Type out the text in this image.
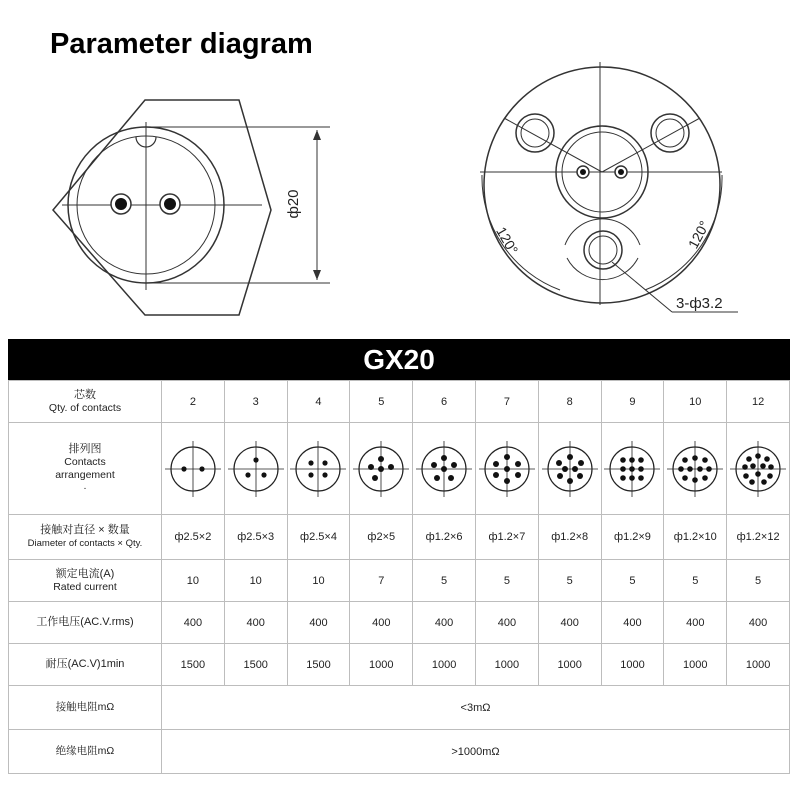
Parameter diagram
ф20
120°	120°
3-ф3.2
GX20
芯数
Qty. of contacts	2	3	4	5	6	7	8	9	10	12

排列图
Contacts
arrangement
·

接触对直径 × 数量
Diameter of contacts × Qty.	ф2.5×2	ф2.5×3	ф2.5×4	ф2×5	ф1.2×6	ф1.2×7	ф1.2×8	ф1.2×9	ф1.2×10	ф1.2×12

额定电流(A)
Rated current	10	10	10	7	5	5	5	5	5	5

工作电压(AC.V.rms)	400	400	400	400	400	400	400	400	400	400

耐压(AC.V)1min	1500	1500	1500	1000	1000	1000	1000	1000	1000	1000
接触电阻mΩ	<3mΩ									
绝缘电阻mΩ	>1000mΩ									
